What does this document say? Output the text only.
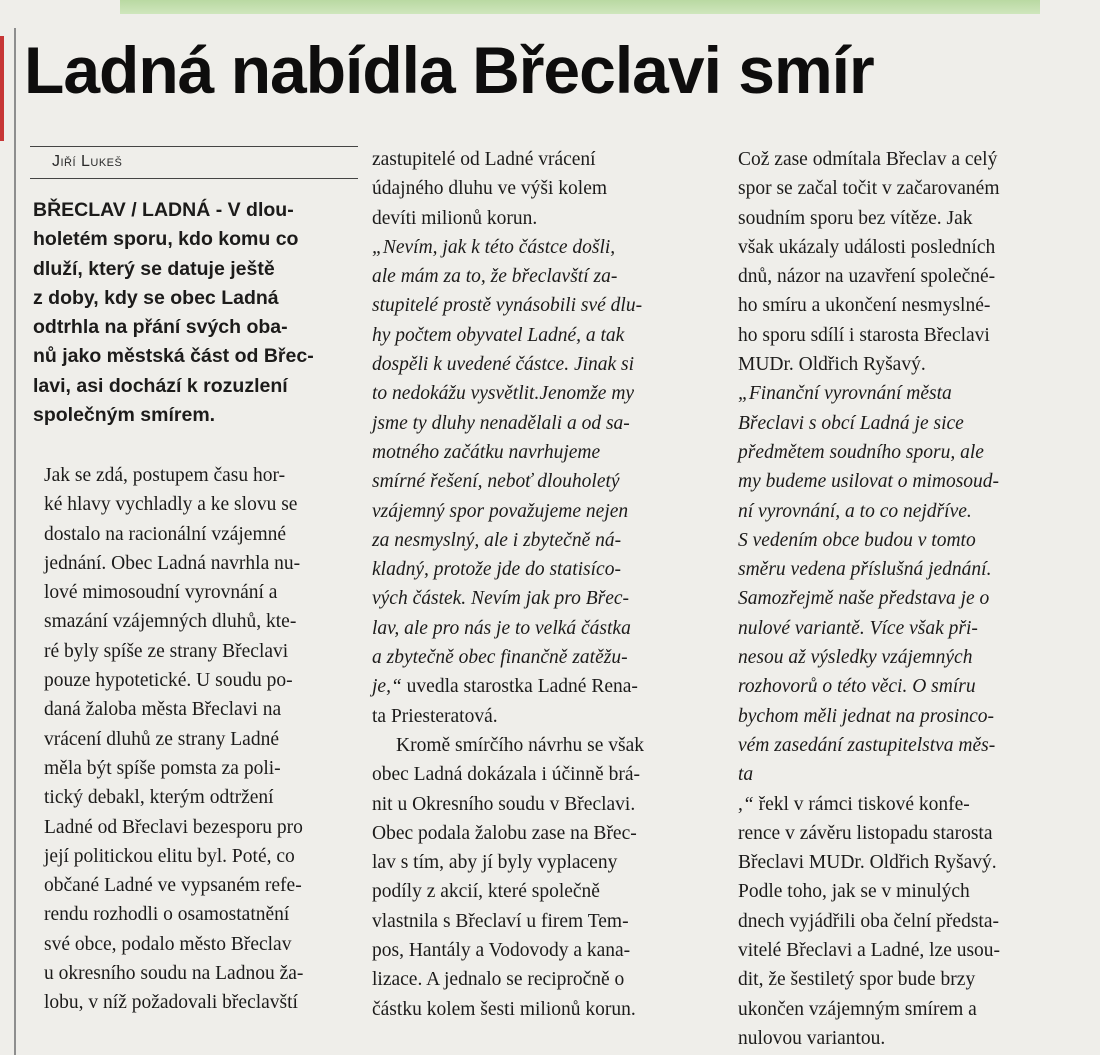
Ladná nabídla Břeclavi smír
Jiří Lukeš
BŘECLAV / LADNÁ - V dlou-
holetém sporu, kdo komu co
dluží, který se datuje ještě
z doby, kdy se obec Ladná
odtrhla na přání svých oba-
nů jako městská část od Břec-
lavi, asi dochází k rozuzlení
společným smírem.
Jak se zdá, postupem času hor-
ké hlavy vychladly a ke slovu se
dostalo na racionální vzájemné
jednání. Obec Ladná navrhla nu-
lové mimosoudní vyrovnání a
smazání vzájemných dluhů, kte-
ré byly spíše ze strany Břeclavi
pouze hypotetické. U soudu po-
daná žaloba města Břeclavi na
vrácení dluhů ze strany Ladné
měla být spíše pomsta za poli-
tický debakl, kterým odtržení
Ladné od Břeclavi bezesporu pro
její politickou elitu byl. Poté, co
občané Ladné ve vypsaném refe-
rendu rozhodli o osamostatnění
své obce, podalo město Břeclav
u okresního soudu na Ladnou ža-
lobu, v níž požadovali břeclavští
zastupitelé od Ladné vrácení
údajného dluhu ve výši kolem
devíti milionů korun.
„Nevím, jak k této částce došli,
ale mám za to, že břeclavští za-
stupitelé prostě vynásobili své dlu-
hy počtem obyvatel Ladné, a tak
dospěli k uvedené částce. Jinak si
to nedokážu vysvětlit.Jenomže my
jsme ty dluhy nenadělali a od sa-
motného začátku navrhujeme
smírné řešení, neboť dlouholetý
vzájemný spor považujeme nejen
za nesmyslný, ale i zbytečně ná-
kladný, protože jde do statisíco-
vých částek. Nevím jak pro Břec-
lav, ale pro nás je to velká částka
a zbytečně obec finančně zatěžu-
je,“ uvedla starostka Ladné Rena-
ta Priesteratová.
Kromě smírčího návrhu se však
obec Ladná dokázala i účinně brá-
nit u Okresního soudu v Břeclavi.
Obec podala žalobu zase na Břec-
lav s tím, aby jí byly vyplaceny
podíly z akcií, které společně
vlastnila s Břeclaví u firem Tem-
pos, Hantály a Vodovody a kana-
lizace. A jednalo se recipročně o
částku kolem šesti milionů korun.
Což zase odmítala Břeclav a celý
spor se začal točit v začarovaném
soudním sporu bez vítěze. Jak
však ukázaly události posledních
dnů, názor na uzavření společné-
ho smíru a ukončení nesmyslné-
ho sporu sdílí i starosta Břeclavi
MUDr. Oldřich Ryšavý.
„Finanční vyrovnání města
Břeclavi s obcí Ladná je sice
předmětem soudního sporu, ale
my budeme usilovat o mimosoud-
ní vyrovnání, a to co nejdříve.
S vedením obce budou v tomto
směru vedena příslušná jednání.
Samozřejmě naše představa je o
nulové variantě. Více však při-
nesou až výsledky vzájemných
rozhovorů o této věci. O smíru
bychom měli jednat na prosinco-
vém zasedání zastupitelstva měs-
ta
,“ řekl v rámci tiskové konfe-
rence v závěru listopadu starosta
Břeclavi MUDr. Oldřich Ryšavý.
Podle toho, jak se v minulých
dnech vyjádřili oba čelní předsta-
vitelé Břeclavi a Ladné, lze usou-
dit, že šestiletý spor bude brzy
ukončen vzájemným smírem a
nulovou variantou.
